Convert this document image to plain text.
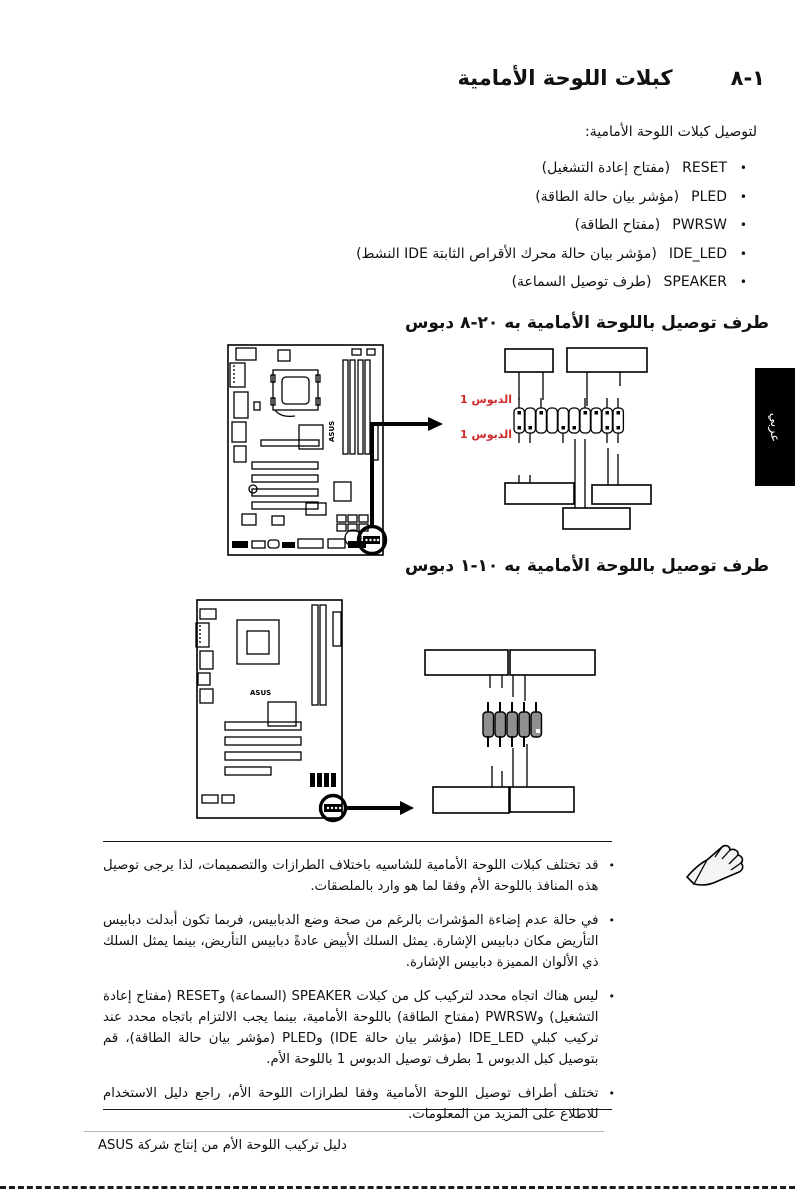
١-٨
كبلات اللوحة الأمامية
لتوصيل كبلات اللوحة الأمامية:
•
RESET
(مفتاح إعادة التشغيل)
•
PLED
(مؤشر بيان حالة الطاقة)
•
PWRSW
(مفتاح الطاقة)
•
IDE_LED
(مؤشر بيان حالة محرك الأقراص الثابتة IDE النشط)
•
SPEAKER
(طرف توصيل السماعة)
طرف توصيل باللوحة الأمامية به ٢٠-٨ دبوس
ASUS
الدبوس 1
الدبوس 1
طرف توصيل باللوحة الأمامية به ١٠-١ دبوس
ASUS
عربي
•

قد تختلف كبلات اللوحة الأمامية للشاسيه باختلاف الطرازات والتصميمات، لذا يرجى توصيل هذه المنافذ باللوحة الأم وفقا لما هو وارد بالملصقات.

•

في حالة عدم إضاءة المؤشرات بالرغم من صحة وضع الدبابيس، فربما تكون أبدلت دبابيس التأريض مكان دبابيس الإشارة. يمثل السلك الأبيض عادةً دبابيس التأريض، بينما يمثل السلك ذي الألوان المميزة دبابيس الإشارة.

•

ليس هناك اتجاه محدد لتركيب كل من كبلات SPEAKER (السماعة) وRESET (مفتاح إعادة التشغيل) وPWRSW (مفتاح الطاقة) باللوحة الأمامية، بينما يجب الالتزام باتجاه محدد عند تركيب كبلي IDE_LED (مؤشر بيان حالة IDE) وPLED (مؤشر بيان حالة الطاقة)، قم بتوصيل كبل الدبوس 1 بطرف توصيل الدبوس 1 باللوحة الأم.

•

تختلف أطراف توصيل اللوحة الأمامية وفقا لطرازات اللوحة الأم، راجع دليل الاستخدام للاطلاع على المزيد من المعلومات.

دليل تركيب اللوحة الأم من إنتاج شركة ASUS
